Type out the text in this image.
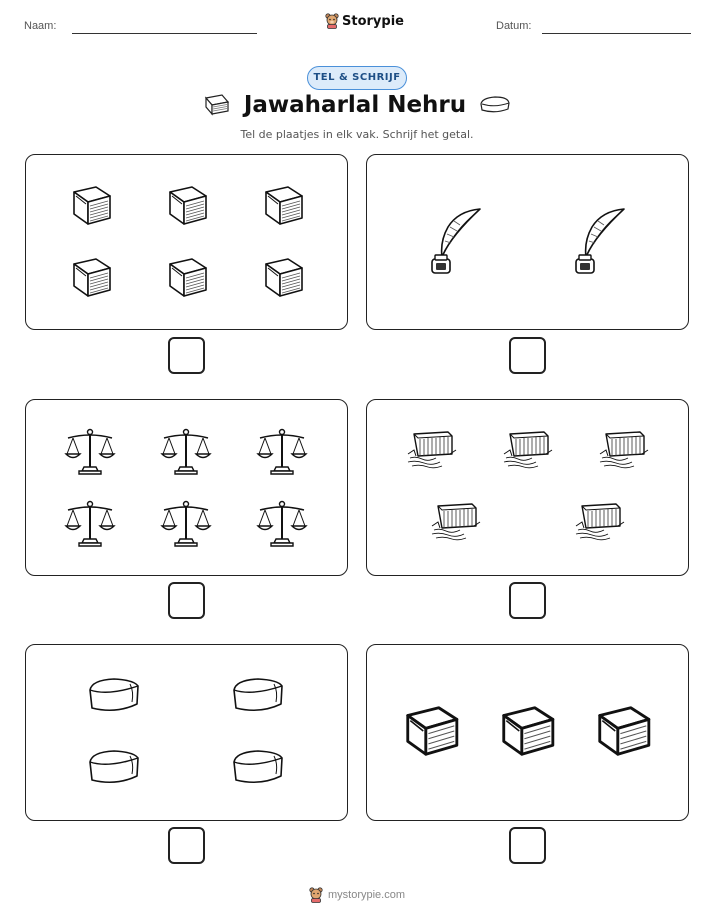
Naam:	Datum:
Storypie
TEL & SCHRIJF
Jawaharlal Nehru
Tel de plaatjes in elk vak. Schrijf het getal.
mystorypie.com
